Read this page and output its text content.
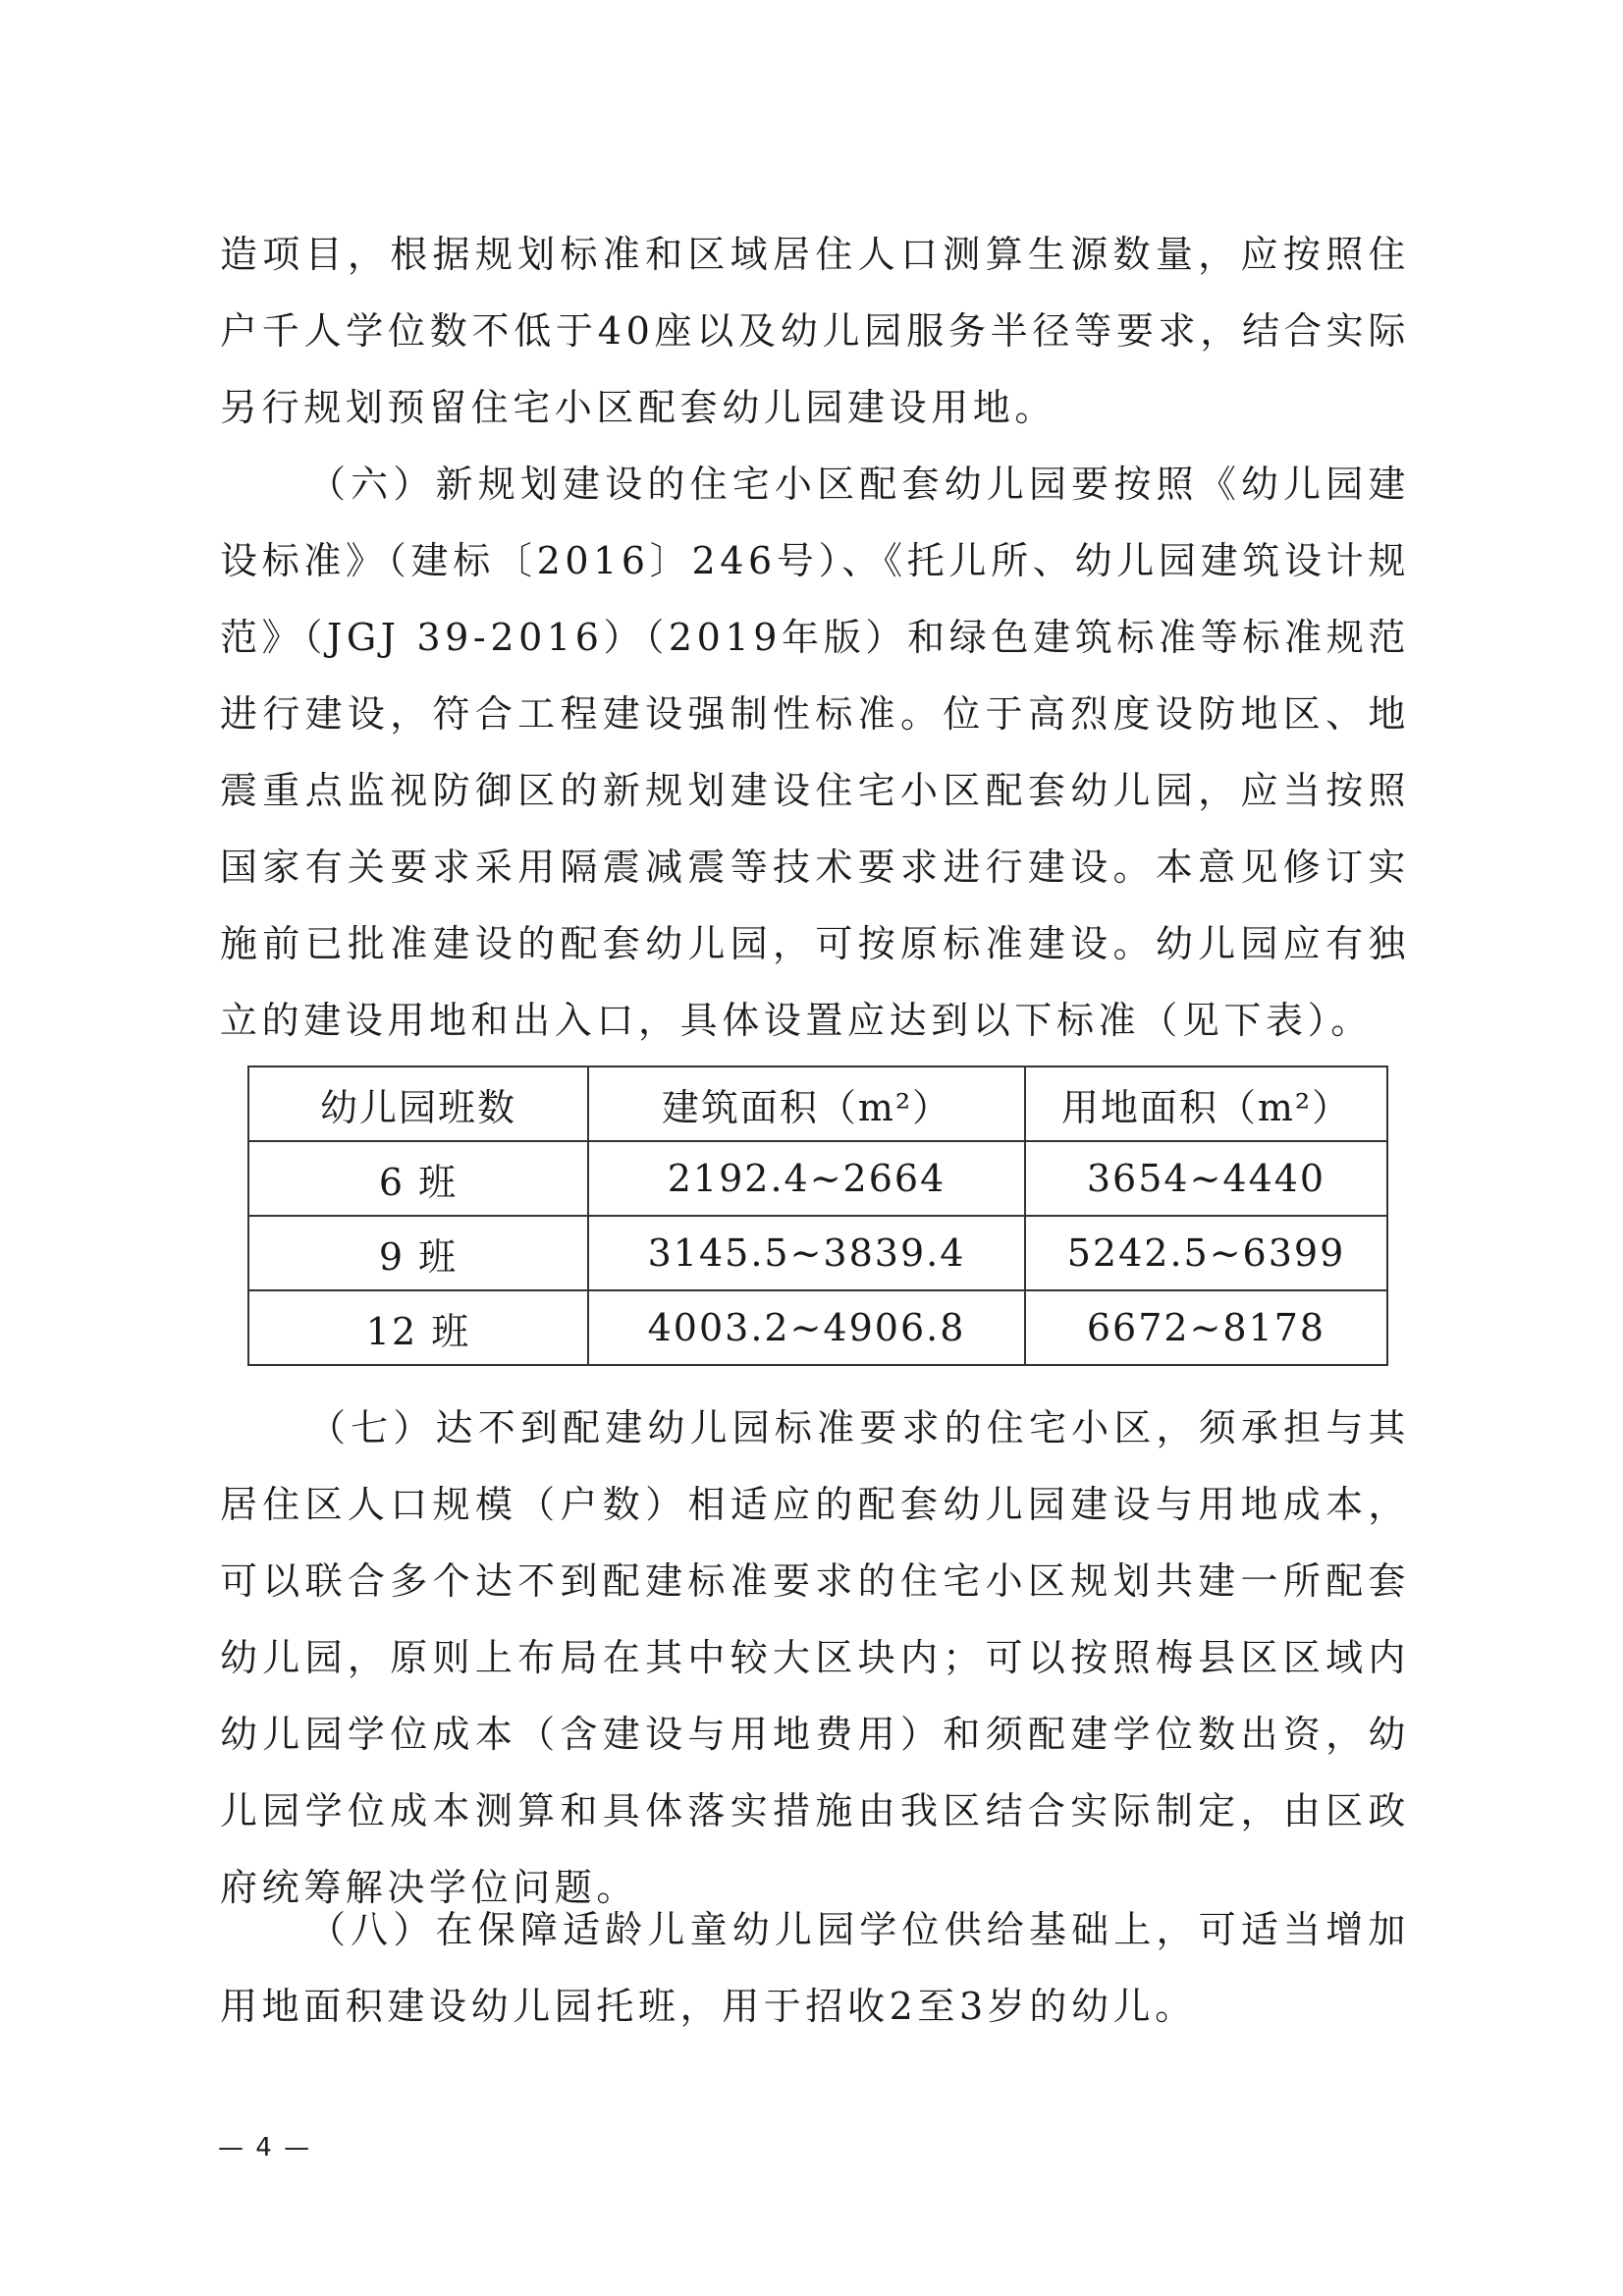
造项目，根据规划标准和区域居住人口测算生源数量，应按照住户千人学位数不低于40座以及幼儿园服务半径等要求，结合实际另行规划预留住宅小区配套幼儿园建设用地。

（六）新规划建设的住宅小区配套幼儿园要按照《幼儿园建设标准》（建标〔2016〕246号）、《托儿所、幼儿园建筑设计规范》（JGJ 39-2016）（2019年版）和绿色建筑标准等标准规范进行建设，符合工程建设强制性标准。位于高烈度设防地区、地震重点监视防御区的新规划建设住宅小区配套幼儿园，应当按照国家有关要求采用隔震减震等技术要求进行建设。本意见修订实施前已批准建设的配套幼儿园，可按原标准建设。幼儿园应有独立的建设用地和出入口，具体设置应达到以下标准（见下表）。

幼儿园班数	建筑面积（m²）	用地面积（m²）
6 班	2192.4~2664	3654~4440
9 班	3145.5~3839.4	5242.5~6399
12 班	4003.2~4906.8	6672~8178

（七）达不到配建幼儿园标准要求的住宅小区，须承担与其居住区人口规模（户数）相适应的配套幼儿园建设与用地成本，可以联合多个达不到配建标准要求的住宅小区规划共建一所配套幼儿园，原则上布局在其中较大区块内；可以按照梅县区区域内幼儿园学位成本（含建设与用地费用）和须配建学位数出资，幼儿园学位成本测算和具体落实措施由我区结合实际制定，由区政府统筹解决学位问题。

（八）在保障适龄儿童幼儿园学位供给基础上，可适当增加用地面积建设幼儿园托班，用于招收2至3岁的幼儿。

— 4 —
